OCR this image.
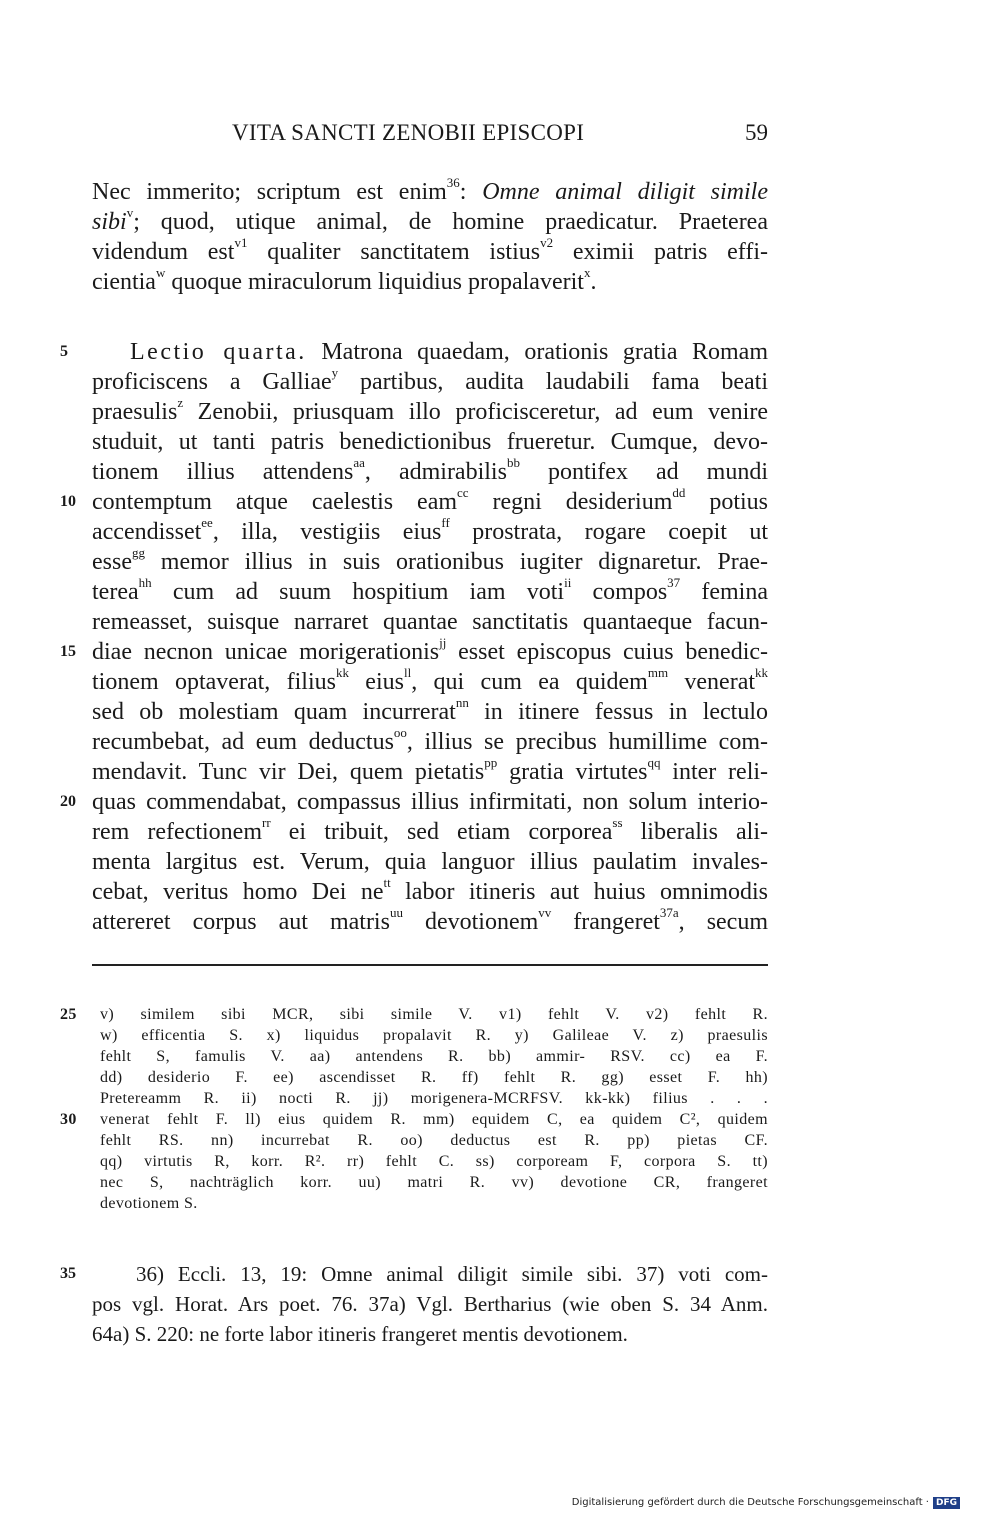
VITA SANCTI ZENOBII EPISCOPI	59
Nec immerito; scriptum est enim$^{36}$: Omne animal diligit simile
sibi$^v$; quod, utique animal, de homine praedicatur. Praeterea
videndum est$^{v1}$ qualiter sanctitatem istius$^{v2}$ eximii patris effi-
cientia$^w$ quoque miraculorum liquidius propalaverit$^x$.
5	Lectio quarta. Matrona quaedam, orationis gratia Romam
proficiscens a Galliae$^y$ partibus, audita laudabili fama beati
praesulis$^z$ Zenobii, priusquam illo proficisceretur, ad eum venire
studuit, ut tanti patris benedictionibus frueretur. Cumque, devo-
tionem illius attendens$^{aa}$, admirabilis$^{bb}$ pontifex ad mundi
10 contemptum atque caelestis eam$^{cc}$ regni desiderium$^{dd}$ potius
accendisset$^{ee}$, illa, vestigiis eius$^{ff}$ prostrata, rogare coepit ut
esse$^{gg}$ memor illius in suis orationibus iugiter dignaretur. Prae-
terea$^{hh}$ cum ad suum hospitium iam voti$^{ii}$ compos$^{37}$ femina
remeasset, suisque narraret quantae sanctitatis quantaeque facun-
15 diae necnon unicae morigerationis$^{jj}$ esset episcopus cuius benedic-
tionem optaverat, filius$^{kk}$ eius$^{ll}$, qui cum ea quidem$^{mm}$ venerat$^{kk}$
sed ob molestiam quam incurrerat$^{nn}$ in itinere fessus in lectulo
recumbebat, ad eum deductus$^{oo}$, illius se precibus humillime com-
mendavit. Tunc vir Dei, quem pietatis$^{pp}$ gratia virtutes$^{qq}$ inter reli-
20 quas commendabat, compassus illius infirmitati, non solum interio-
rem refectionem$^{rr}$ ei tribuit, sed etiam corporea$^{ss}$ liberalis ali-
menta largitus est. Verum, quia languor illius paulatim invales-
cebat, veritus homo Dei $ne^{tt}$ labor itineris aut huius omnimodis
attereret corpus aut matris$^{uu}$ devotionem$^{vv}$ frangeret$^{37a}$, secum
25	v) similem sibi MCR, sibi simile V. v1) fehlt V. v2) fehlt R.
w) efficentia S. x) liquidus propalavit R. y) Galileae V. z) praesulis
fehlt S, famulis V. aa) antendens R. bb) ammir- RSV. cc) ea F.
dd) desiderio F. ee) ascendisset R. ff) fehlt R. gg) esset F. hh)
Pretereamm R. ii) nocti R. jj) morigenera-MCRFSV. kk-kk) filius . . .
30	venerat fehlt F. ll) eius quidem R. mm) equidem C, ea quidem C², quidem
fehlt RS. nn) incurrebat R. oo) deductus est R. pp) pietas CF.
qq) virtutis R, korr. R². rr) fehlt C. ss) corpoream F, corpora S. tt)
nec S, nachträglich korr. uu) matri R. vv) devotione CR, frangeret
devotionem S.
35	36) Eccli. 13, 19: Omne animal diligit simile sibi. 37) voti com-
pos vgl. Horat. Ars poet. 76. 37a) Vgl. Bertharius (wie oben S. 34 Anm.
64a) S. 220: ne forte labor itineris frangeret mentis devotionem.
Digitalisierung gefördert durch die Deutsche Forschungsgemeinschaft · DFG
